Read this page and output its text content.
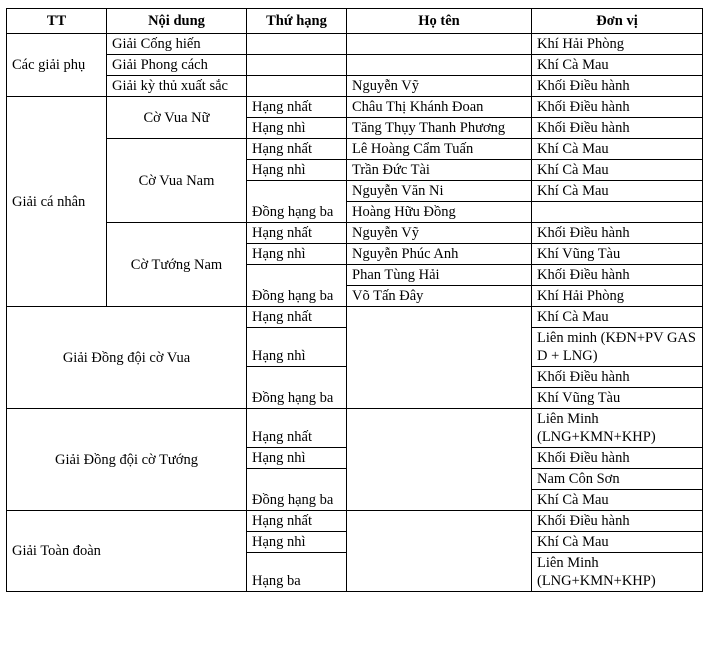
TT	Nội dung	Thứ hạng	Họ tên	Đơn vị
Các giải phụ	Giải Cống hiến			Khí Hải Phòng
	Giải Phong cách			Khí Cà Mau
	Giải kỳ thủ xuất sắc		Nguyễn Vỹ	Khối Điều hành
Giải cá nhân	Cờ Vua Nữ	Hạng nhất	Châu Thị Khánh Đoan	Khối Điều hành
		Hạng nhì	Tăng Thụy Thanh Phương	Khối Điều hành
	Cờ Vua Nam	Hạng nhất	Lê Hoàng Cẩm Tuấn	Khí Cà Mau
		Hạng nhì	Trần Đức Tài	Khí Cà Mau
		Đồng hạng ba	Nguyễn Văn Ni	Khí Cà Mau
			Hoàng Hữu Đồng	
	Cờ Tướng Nam	Hạng nhất	Nguyễn Vỹ	Khối Điều hành
		Hạng nhì	Nguyễn Phúc Anh	Khí Vũng Tàu
		Đồng hạng ba	Phan Tùng Hải	Khối Điều hành
			Võ Tấn Đây	Khí Hải Phòng
Giải Đồng đội cờ Vua		Hạng nhất		Khí Cà Mau
		Hạng nhì		Liên minh (KĐN+PV GAS D + LNG)
		Đồng hạng ba		Khối Điều hành
				Khí Vũng Tàu
Giải Đồng đội cờ Tướng		Hạng nhất		Liên Minh (LNG+KMN+KHP)
		Hạng nhì		Khối Điều hành
		Đồng hạng ba		Nam Côn Sơn
				Khí Cà Mau
Giải Toàn đoàn		Hạng nhất		Khối Điều hành
		Hạng nhì		Khí Cà Mau
		Hạng ba		Liên Minh (LNG+KMN+KHP)
